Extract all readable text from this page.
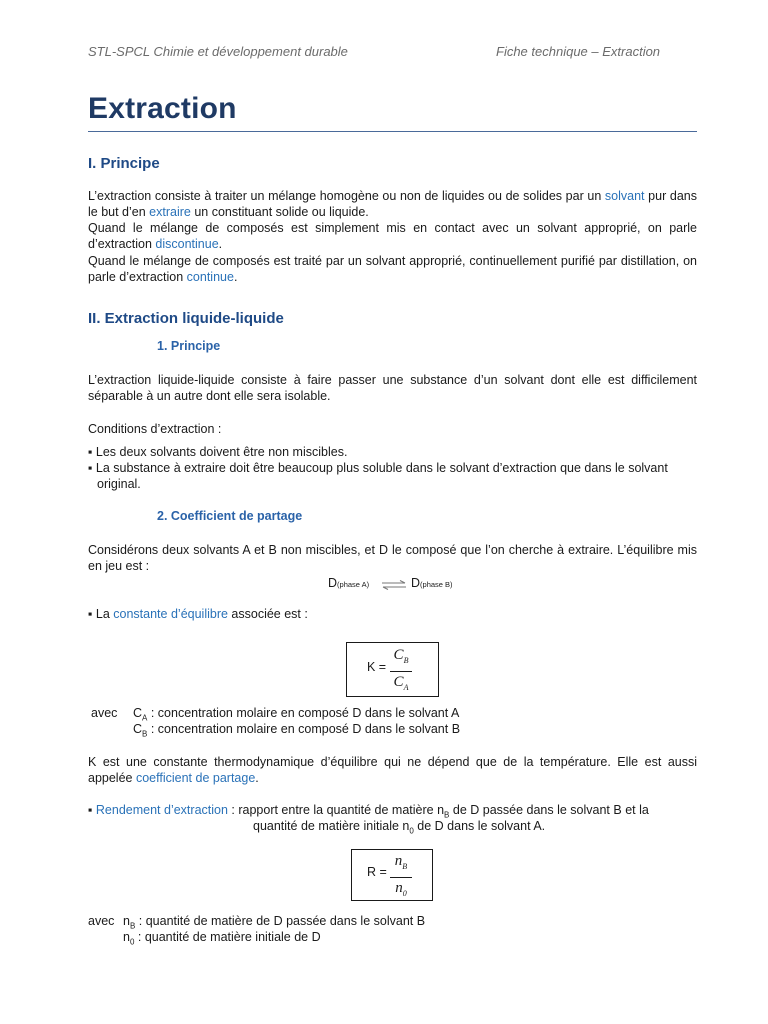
STL-SPCL Chimie et développement durable	Fiche technique – Extraction
Extraction
I. Principe

L’extraction consiste à traiter un mélange homogène ou non de liquides ou de solides par un solvant pur dans le but d’en extraire un constituant solide ou liquide.

Quand le mélange de composés est simplement mis en contact avec un solvant approprié, on parle d’extraction discontinue.

Quand le mélange de composés est traité par un solvant approprié, continuellement purifié par distillation, on parle d’extraction continue.

II. Extraction liquide-liquide
1. Principe

L’extraction liquide-liquide consiste à faire passer une substance d’un solvant dont elle est difficilement séparable à un autre dont elle sera isolable.

Conditions d’extraction :
▪ Les deux solvants doivent être non miscibles.
▪ La substance à extraire doit être beaucoup plus soluble dans le solvant d’extraction que dans le solvant
original.
2. Coefficient de partage

Considérons deux solvants A et B non miscibles, et D le composé que l’on cherche à extraire. L’équilibre mis en jeu est :

D(phase A) ⇌ D(phase B)
▪ La constante d’équilibre associée est :
K =
$C_B$
$C_A$
avec $C_A$ : concentration molaire en composé D dans le solvant A
$C_B$ : concentration molaire en composé D dans le solvant B

K est une constante thermodynamique d’équilibre qui ne dépend que de la température. Elle est aussi appelée coefficient de partage.

▪ Rendement d’extraction : rapport entre la quantité de matière $n_B$ de D passée dans le solvant B et la
quantité de matière initiale $n_0$ de D dans le solvant A.
R =
$n_B$
$n_0$
avec $n_B$ : quantité de matière de D passée dans le solvant B
$n_0$ : quantité de matière initiale de D
